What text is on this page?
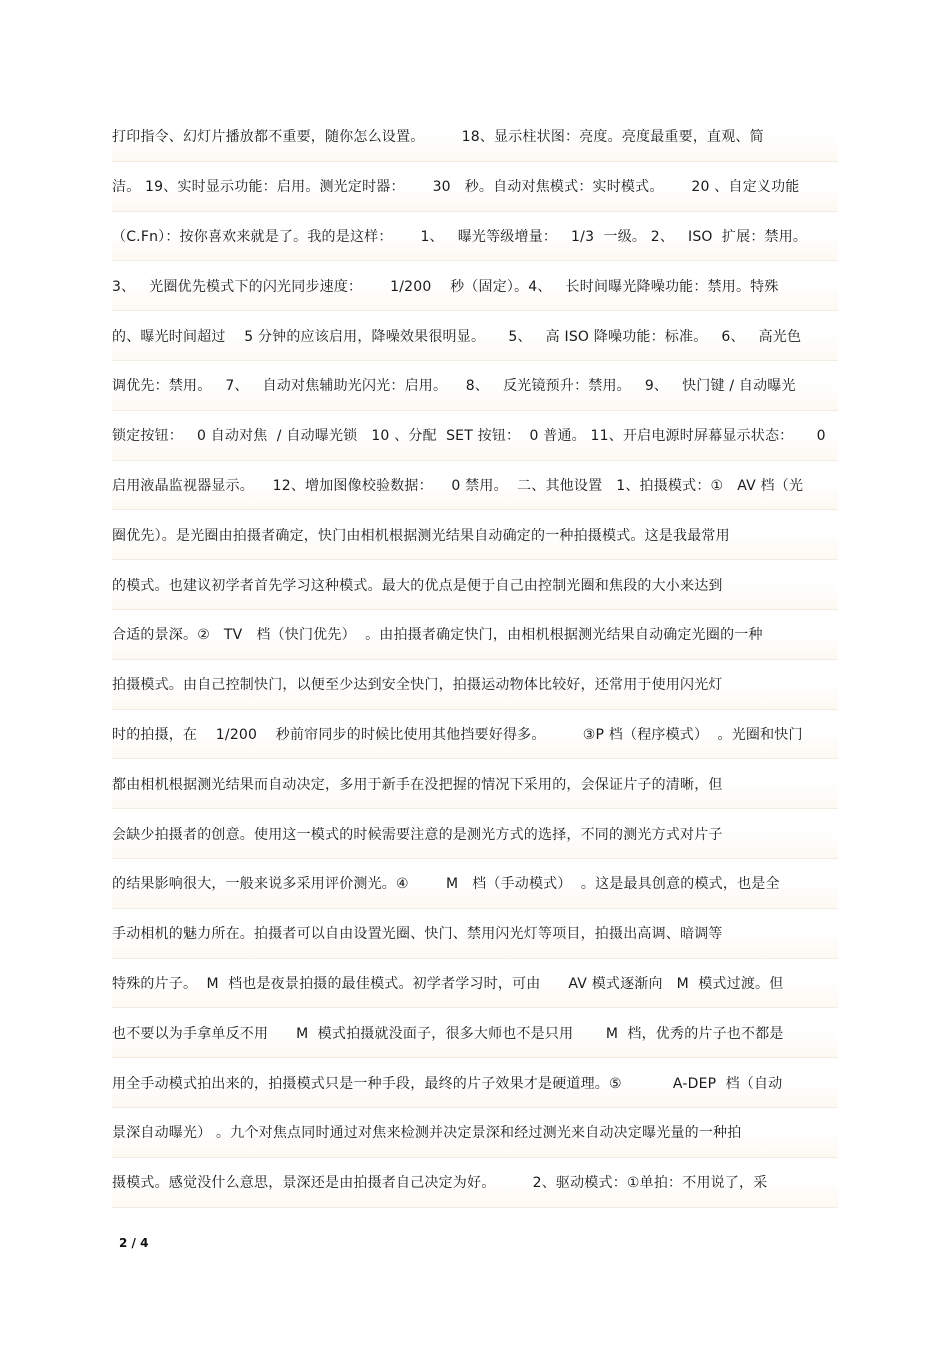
打印指令、幻灯片播放都不重要，随你怎么设置。        18、显示柱状图：亮度。亮度最重要，直观、简
洁。 19、实时显示功能：启用。测光定时器：      30   秒。自动对焦模式：实时模式。      20 、自定义功能
（C.Fn）：按你喜欢来就是了。我的是这样：      1、   曝光等级增量：   1/3  一级。 2、   ISO  扩展：禁用。
3、   光圈优先模式下的闪光同步速度：      1/200    秒（固定）。4、   长时间曝光降噪功能：禁用。特殊
的、曝光时间超过    5 分钟的应该启用，降噪效果很明显。     5、   高 ISO 降噪功能：标准。   6、   高光色
调优先：禁用。   7、   自动对焦辅助光闪光：启用。    8、   反光镜预升：禁用。   9、   快门键 / 自动曝光
锁定按钮：   0 自动对焦  / 自动曝光锁   10 、分配  SET 按钮：  0 普通。 11、开启电源时屏幕显示状态：     0
启用液晶监视器显示。    12、增加图像校验数据：    0 禁用。  二、其他设置   1、拍摄模式：①   AV 档（光
圈优先）。是光圈由拍摄者确定，快门由相机根据测光结果自动确定的一种拍摄模式。这是我最常用
的模式。也建议初学者首先学习这种模式。最大的优点是便于自己由控制光圈和焦段的大小来达到
合适的景深。②   TV   档（快门优先）  。由拍摄者确定快门，由相机根据测光结果自动确定光圈的一种
拍摄模式。由自己控制快门，以便至少达到安全快门，拍摄运动物体比较好，还常用于使用闪光灯
时的拍摄，在    1/200    秒前帘同步的时候比使用其他挡要好得多。        ③P 档（程序模式）  。光圈和快门
都由相机根据测光结果而自动决定，多用于新手在没把握的情况下采用的，会保证片子的清晰，但
会缺少拍摄者的创意。使用这一模式的时候需要注意的是测光方式的选择，不同的测光方式对片子
的结果影响很大，一般来说多采用评价测光。④        M   档（手动模式）  。这是最具创意的模式，也是全
手动相机的魅力所在。拍摄者可以自由设置光圈、快门、禁用闪光灯等项目，拍摄出高调、暗调等
特殊的片子。  M  档也是夜景拍摄的最佳模式。初学者学习时，可由      AV 模式逐渐向   M  模式过渡。但
也不要以为手拿单反不用      M  模式拍摄就没面子，很多大师也不是只用       M  档，优秀的片子也不都是
用全手动模式拍出来的，拍摄模式只是一种手段，最终的片子效果才是硬道理。⑤           A-DEP  档（自动
景深自动曝光） 。九个对焦点同时通过对焦来检测并决定景深和经过测光来自动决定曝光量的一种拍
摄模式。感觉没什么意思，景深还是由拍摄者自己决定为好。        2、驱动模式：①单拍：不用说了，采
2 / 4
